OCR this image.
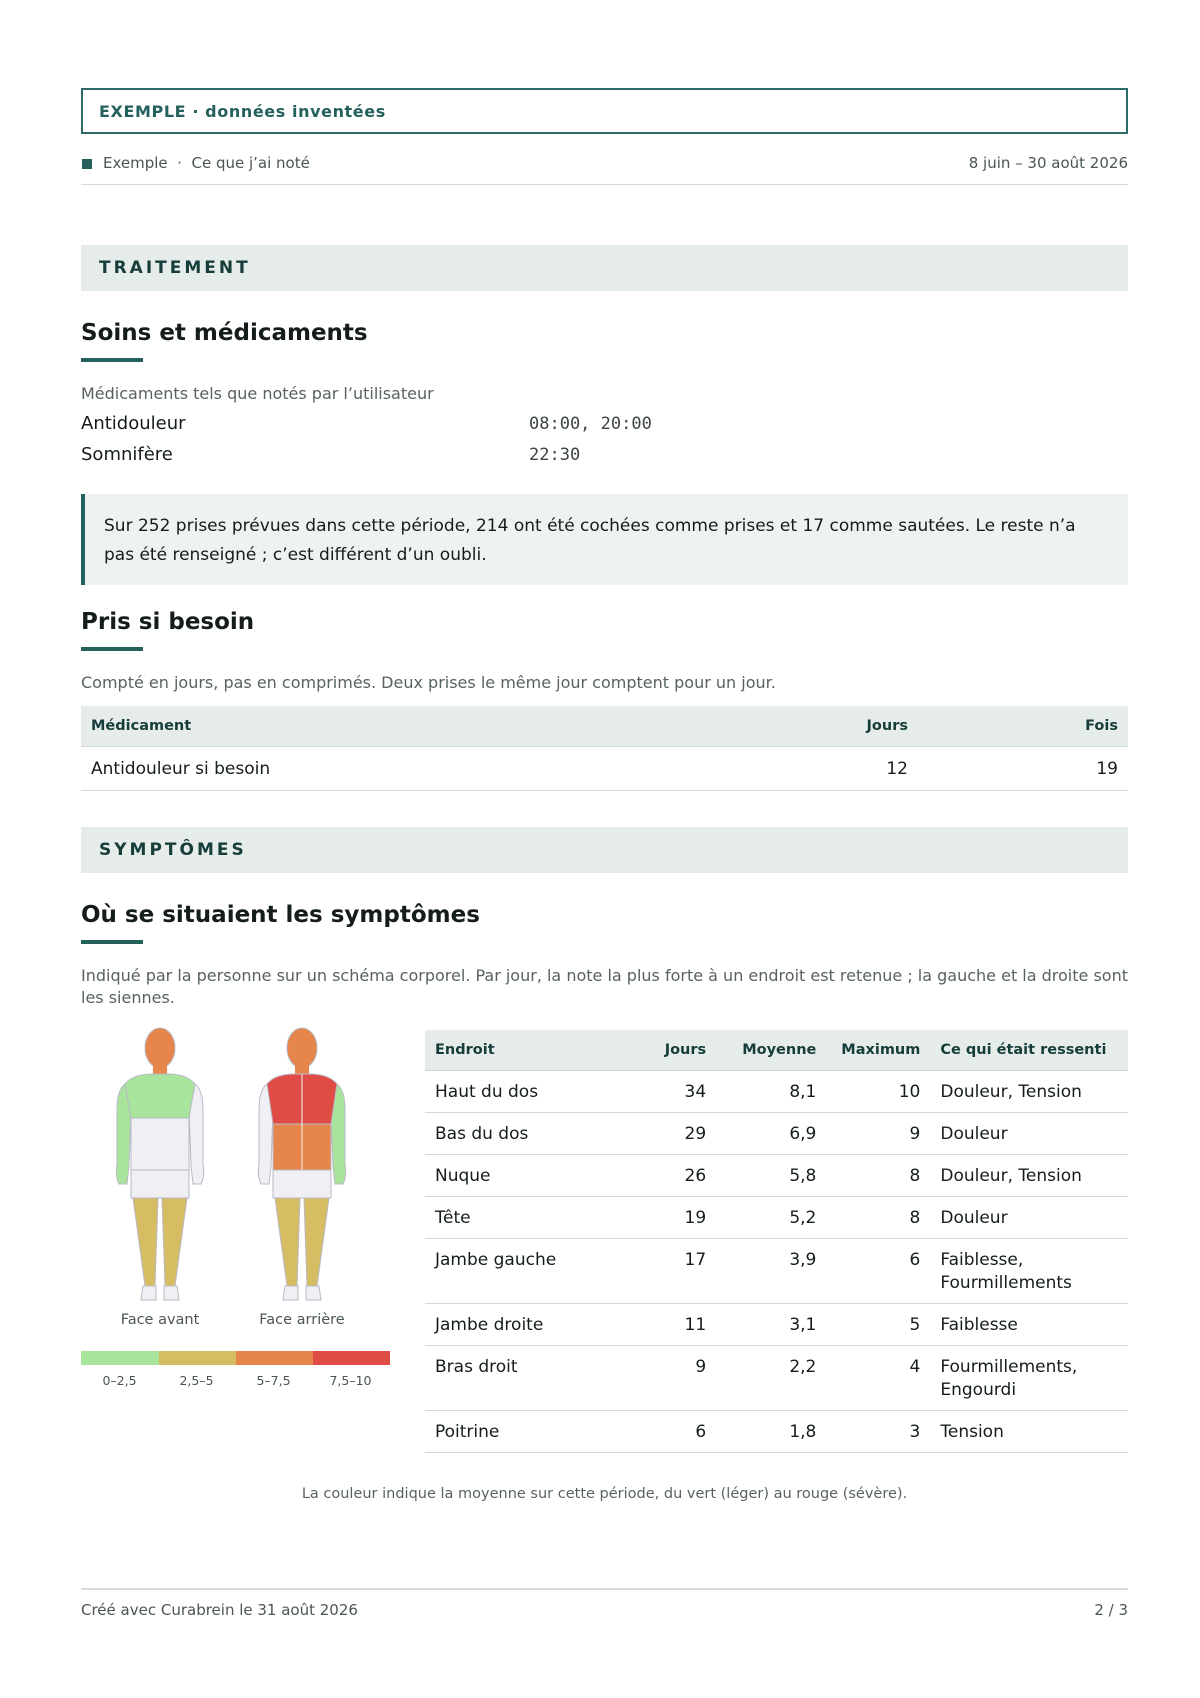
EXEMPLE · données inventées
Exemple  ·  Ce que j’ai noté	8 juin – 30 août 2026
TRAITEMENT
Soins et médicaments
Médicaments tels que notés par l’utilisateur
Antidouleur	08:00, 20:00
Somnifère	22:30

Sur 252 prises prévues dans cette période, 214 ont été cochées comme prises et 17 comme sautées. Le reste n’a pas été renseigné ; c’est différent d’un oubli.

Pris si besoin
Compté en jours, pas en comprimés. Deux prises le même jour comptent pour un jour.
Médicament	Jours	Fois
Antidouleur si besoin	12	19
SYMPTÔMES
Où se situaient les symptômes
Indiqué par la personne sur un schéma corporel. Par jour, la note la plus forte à un endroit est retenue ; la gauche et la droite sont les siennes.
Face avant	Face arrière
0–2,5	2,5–5	5–7,5	7,5–10
Endroit	Jours	Moyenne	Maximum	Ce qui était ressenti
Haut du dos	34	8,1	10	Douleur, Tension
Bas du dos	29	6,9	9	Douleur
Nuque	26	5,8	8	Douleur, Tension
Tête	19	5,2	8	Douleur
Jambe gauche	17	3,9	6	Faiblesse, Fourmillements
Jambe droite	11	3,1	5	Faiblesse
Bras droit	9	2,2	4	Fourmillements, Engourdi
Poitrine	6	1,8	3	Tension
La couleur indique la moyenne sur cette période, du vert (léger) au rouge (sévère).
Créé avec Curabrein le 31 août 2026	2 / 3
